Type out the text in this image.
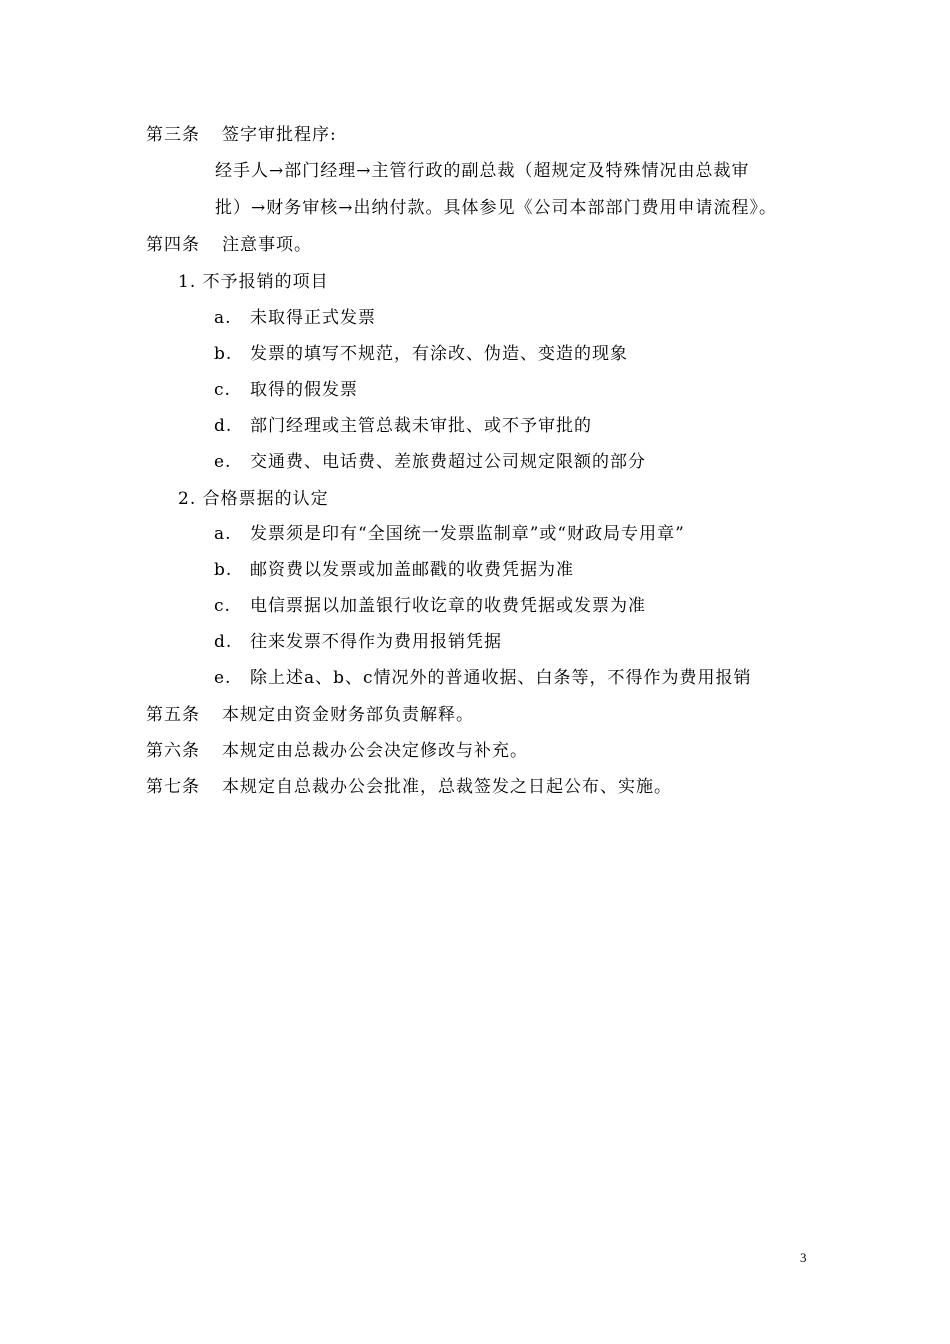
第三条 签字审批程序:
经手人→部门经理→主管行政的副总裁（超规定及特殊情况由总裁审
批）→财务审核→出纳付款。具体参见《公司本部部门费用申请流程》。
第四条 注意事项。
1. 不予报销的项目
a. 未取得正式发票
b. 发票的填写不规范，有涂改、伪造、变造的现象
c. 取得的假发票
d. 部门经理或主管总裁未审批、或不予审批的
e. 交通费、电话费、差旅费超过公司规定限额的部分
2. 合格票据的认定
a. 发票须是印有“全国统一发票监制章”或“财政局专用章”
b. 邮资费以发票或加盖邮戳的收费凭据为准
c. 电信票据以加盖银行收讫章的收费凭据或发票为准
d. 往来发票不得作为费用报销凭据
e. 除上述a、b、c情况外的普通收据、白条等，不得作为费用报销
第五条 本规定由资金财务部负责解释。
第六条 本规定由总裁办公会决定修改与补充。
第七条 本规定自总裁办公会批准，总裁签发之日起公布、实施。
3
